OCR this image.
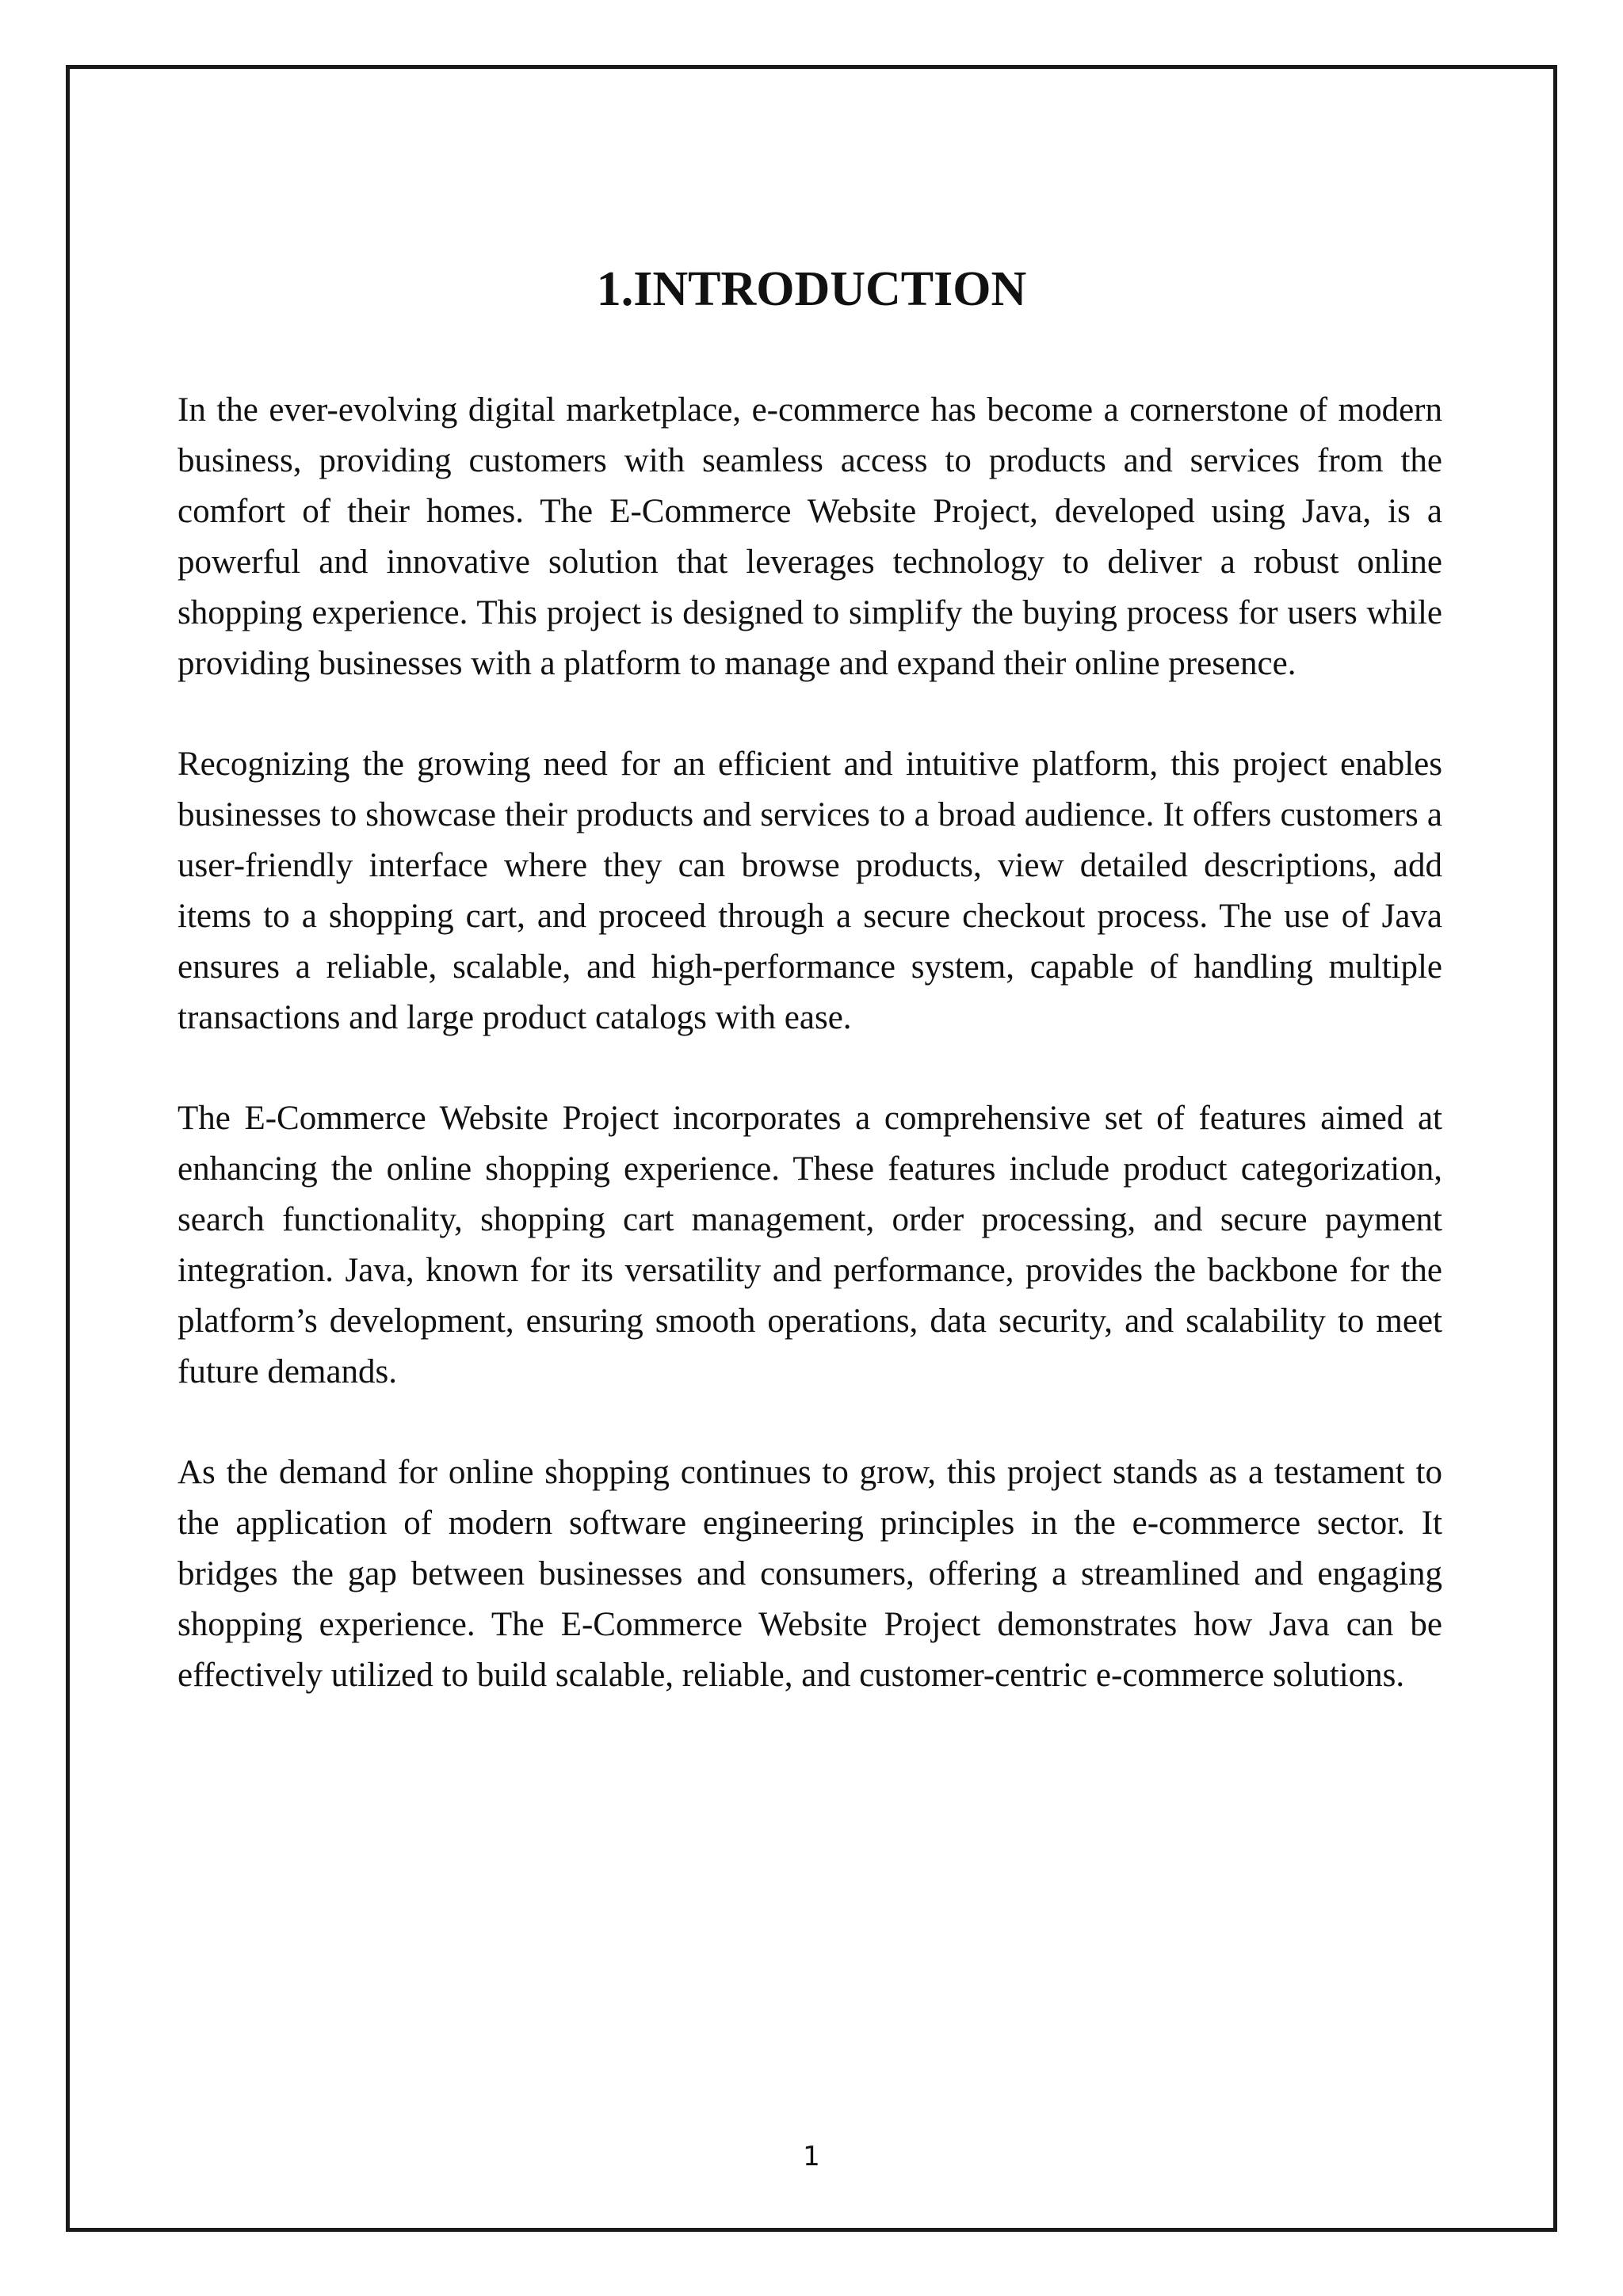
1.INTRODUCTION

In the ever-evolving digital marketplace, e-commerce has become a cornerstone of modern business, providing customers with seamless access to products and services from the comfort of their homes. The E-Commerce Website Project, developed using Java, is a powerful and innovative solution that leverages technology to deliver a robust online shopping experience. This project is designed to simplify the buying process for users while providing businesses with a platform to manage and expand their online presence.

Recognizing the growing need for an efficient and intuitive platform, this project enables businesses to showcase their products and services to a broad audience. It offers customers a user-friendly interface where they can browse products, view detailed descriptions, add items to a shopping cart, and proceed through a secure checkout process. The use of Java ensures a reliable, scalable, and high-performance system, capable of handling multiple transactions and large product catalogs with ease.

The E-Commerce Website Project incorporates a comprehensive set of features aimed at enhancing the online shopping experience. These features include product categorization, search functionality, shopping cart management, order processing, and secure payment integration. Java, known for its versatility and performance, provides the backbone for the platform’s development, ensuring smooth operations, data security, and scalability to meet future demands.

As the demand for online shopping continues to grow, this project stands as a testament to the application of modern software engineering principles in the e-commerce sector. It bridges the gap between businesses and consumers, offering a streamlined and engaging shopping experience. The E-Commerce Website Project demonstrates how Java can be effectively utilized to build scalable, reliable, and customer-centric e-commerce solutions.

1
